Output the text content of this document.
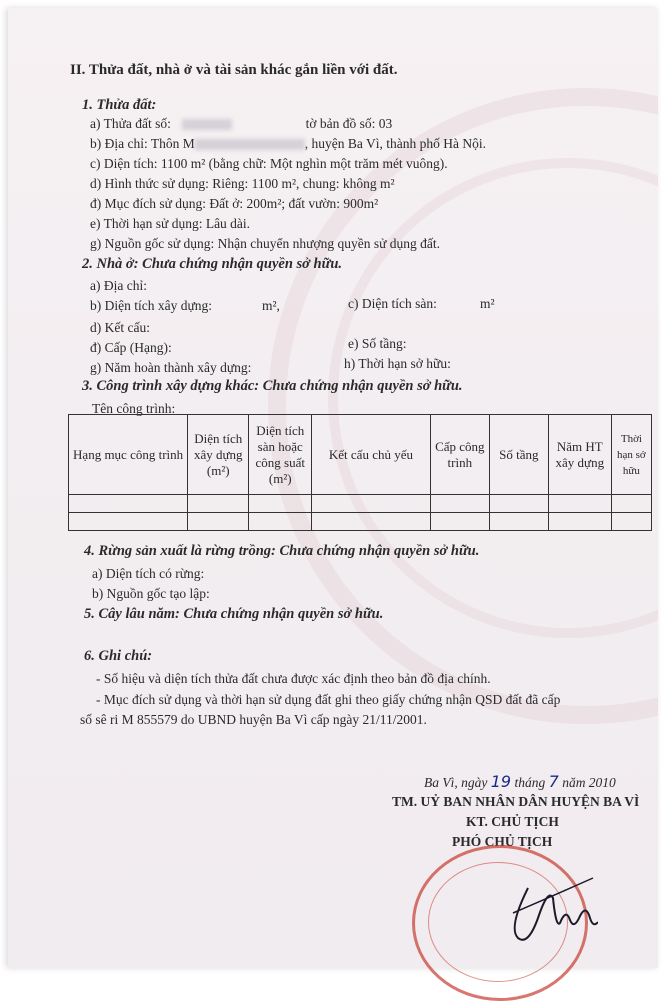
II. Thửa đất, nhà ở và tài sản khác gắn liền với đất.
1. Thửa đất:
a) Thửa đất số:	tờ bản đồ số: 03
b) Địa chỉ: Thôn M	, huyện Ba Vì, thành phố Hà Nội.
c) Diện tích: 1100 m² (bằng chữ: Một nghìn một trăm mét vuông).
d) Hình thức sử dụng: Riêng: 1100 m², chung: không m²
đ) Mục đích sử dụng: Đất ở: 200m²; đất vườn: 900m²
e) Thời hạn sử dụng: Lâu dài.
g) Nguồn gốc sử dụng: Nhận chuyển nhượng quyền sử dụng đất.
2. Nhà ở: Chưa chứng nhận quyền sở hữu.
a) Địa chỉ:
b) Diện tích xây dựng:	m²,	c) Diện tích sàn:	m²
d) Kết cấu:
đ) Cấp (Hạng):	e) Số tầng:
g) Năm hoàn thành xây dựng:	h) Thời hạn sở hữu:
3. Công trình xây dựng khác: Chưa chứng nhận quyền sở hữu.
Tên công trình:
Hạng mục công trình	Diện tích xây dựng (m²)	Diện tích sàn hoặc công suất (m²)	Kết cấu chủ yếu	Cấp công trình	Số tầng	Năm HT xây dựng	Thời hạn sở hữu

4. Rừng sản xuất là rừng trồng: Chưa chứng nhận quyền sở hữu.
a) Diện tích có rừng:
b) Nguồn gốc tạo lập:
5. Cây lâu năm: Chưa chứng nhận quyền sở hữu.
6. Ghi chú:
- Số hiệu và diện tích thửa đất chưa được xác định theo bản đồ địa chính.
- Mục đích sử dụng và thời hạn sử dụng đất ghi theo giấy chứng nhận QSD đất đã cấp
số sê ri M 855579 do UBND huyện Ba Vì cấp ngày 21/11/2001.
Ba Vì, ngày 19 tháng 7 năm 2010
TM. UỶ BAN NHÂN DÂN HUYỆN BA VÌ
KT. CHỦ TỊCH
PHÓ CHỦ TỊCH
